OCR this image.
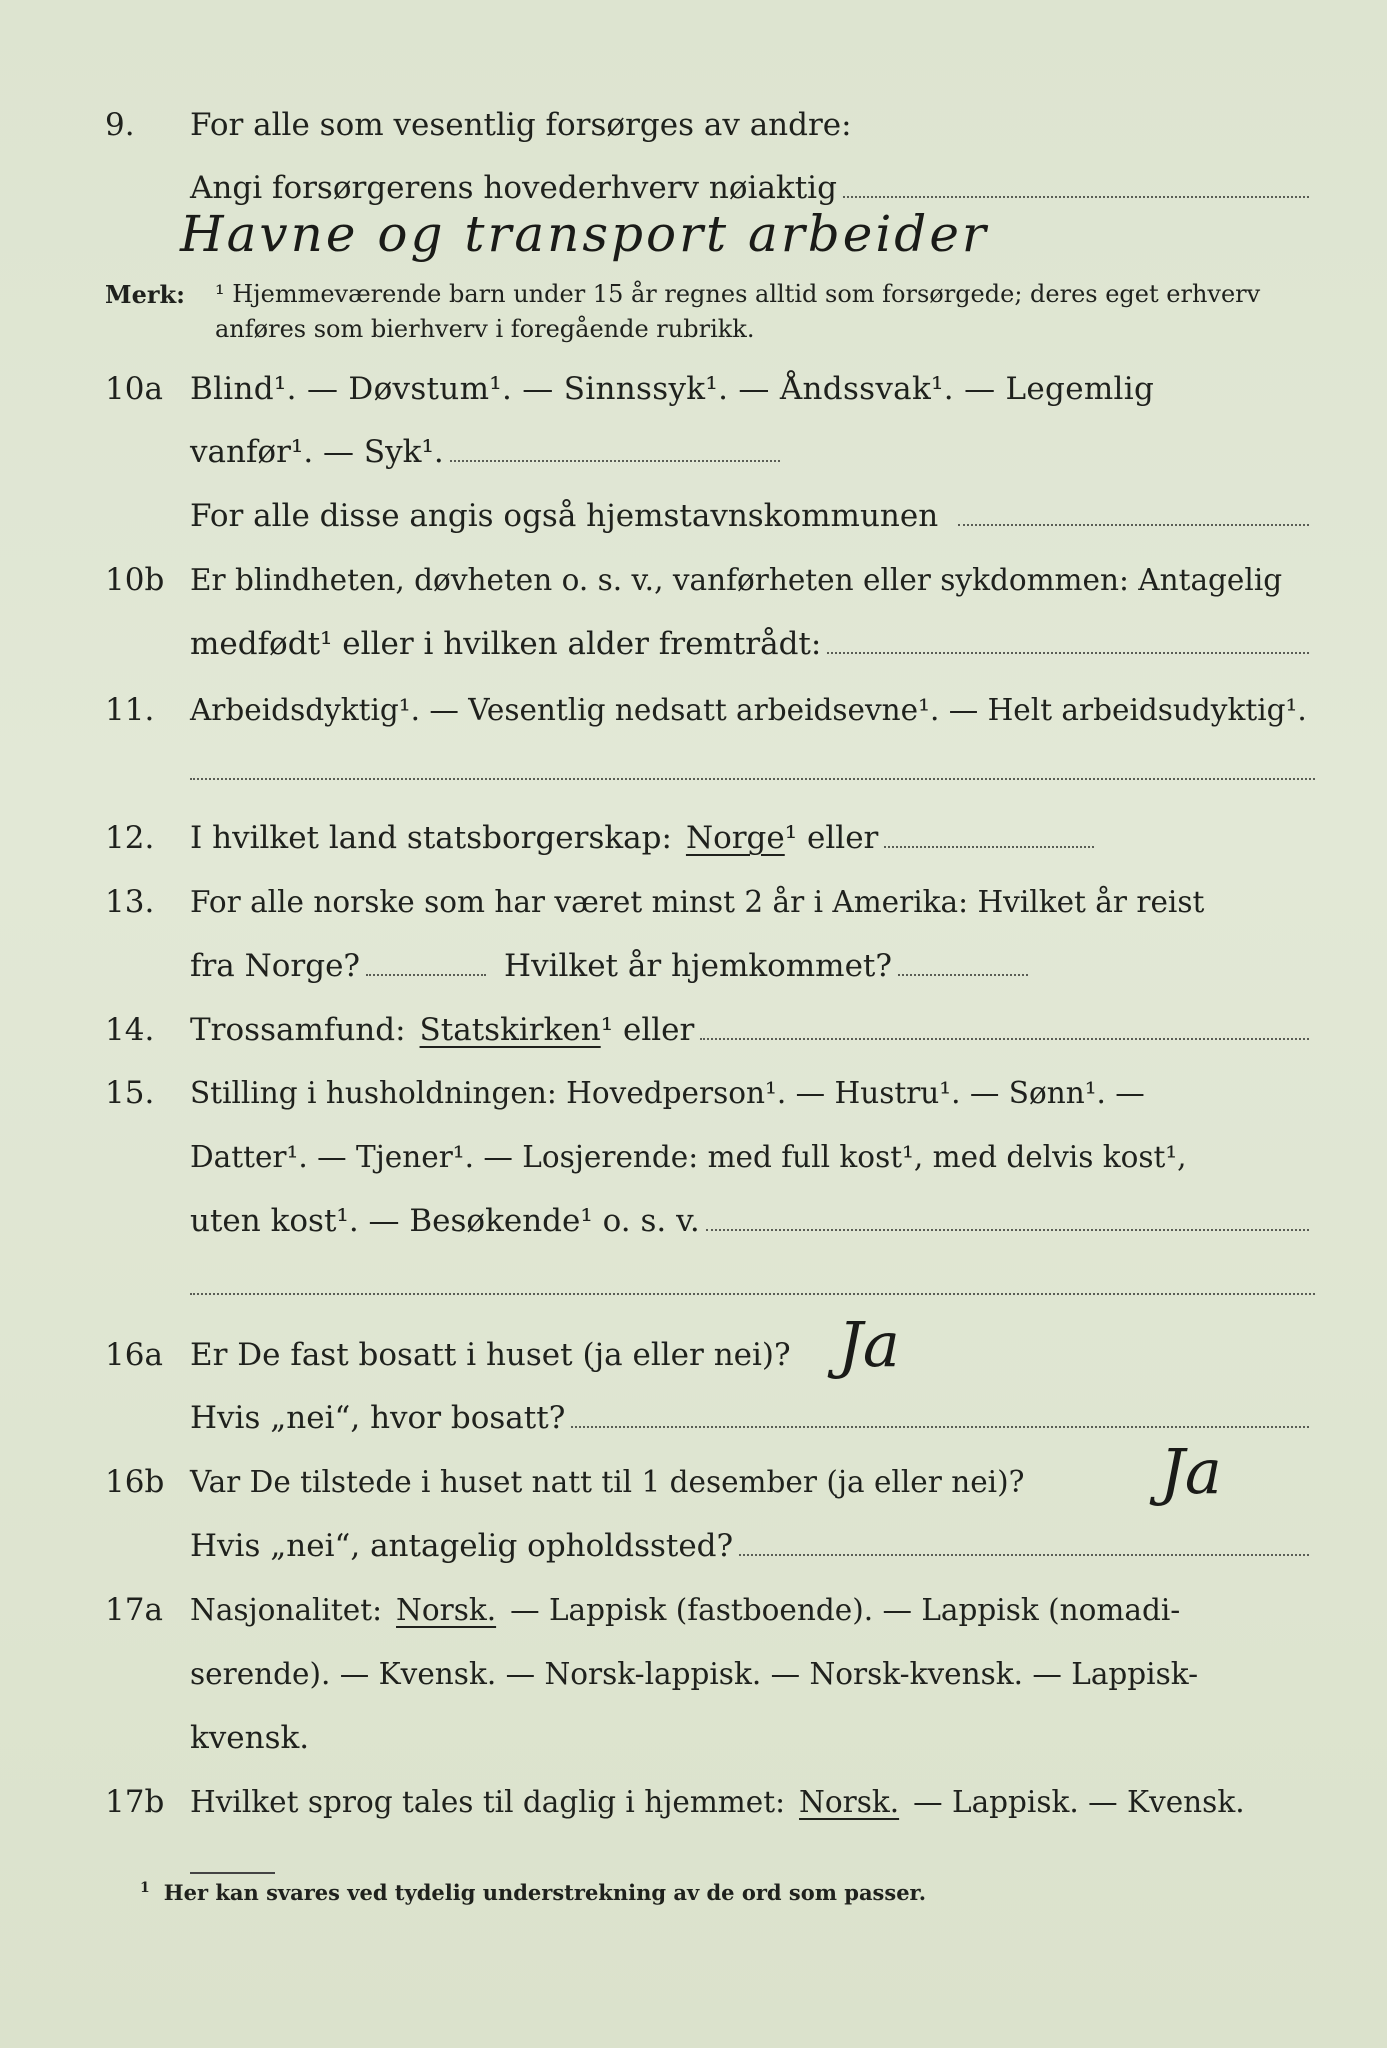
9.	For alle som vesentlig forsørges av andre:
Angi forsørgerens hovederhverv nøiaktig
Havne og transport arbeider
Merk: ¹ Hjemmeværende barn under 15 år regnes alltid som forsørgede; deres eget erhverv
anføres som bierhverv i foregående rubrikk.
10a Blind¹. — Døvstum¹. — Sinnssyk¹. — Åndssvak¹. — Legemlig
vanfør¹. — Syk¹.
For alle disse angis også hjemstavnskommunen
10b Er blindheten, døvheten o. s. v., vanførheten eller sykdommen: Antagelig
medfødt¹ eller i hvilken alder fremtrådt:
11.	Arbeidsdyktig¹. — Vesentlig nedsatt arbeidsevne¹. — Helt arbeidsudyktig¹.
12.	I hvilket land statsborgerskap: Norge ¹ eller
13.	For alle norske som har været minst 2 år i Amerika: Hvilket år reist
fra Norge?	Hvilket år hjemkommet?
14.	Trossamfund: Statskirken ¹ eller
15.	Stilling i husholdningen: Hovedperson¹. — Hustru¹. — Sønn¹. —
Datter¹. — Tjener¹. — Losjerende: med full kost¹, med delvis kost¹,
uten kost¹. — Besøkende¹ o. s. v.
16a Er De fast bosatt i huset (ja eller nei)? Ja
Hvis „nei“, hvor bosatt?
16b Var De tilstede i huset natt til 1 desember (ja eller nei)?	Ja
Hvis „nei“, antagelig opholdssted?
17a Nasjonalitet: Norsk. — Lappisk (fastboende). — Lappisk (nomadi-
serende). — Kvensk. — Norsk-lappisk. — Norsk-kvensk. — Lappisk-
kvensk.
17b Hvilket sprog tales til daglig i hjemmet: Norsk. — Lappisk. — Kvensk.
$^1$ Her kan svares ved tydelig understrekning av de ord som passer.
